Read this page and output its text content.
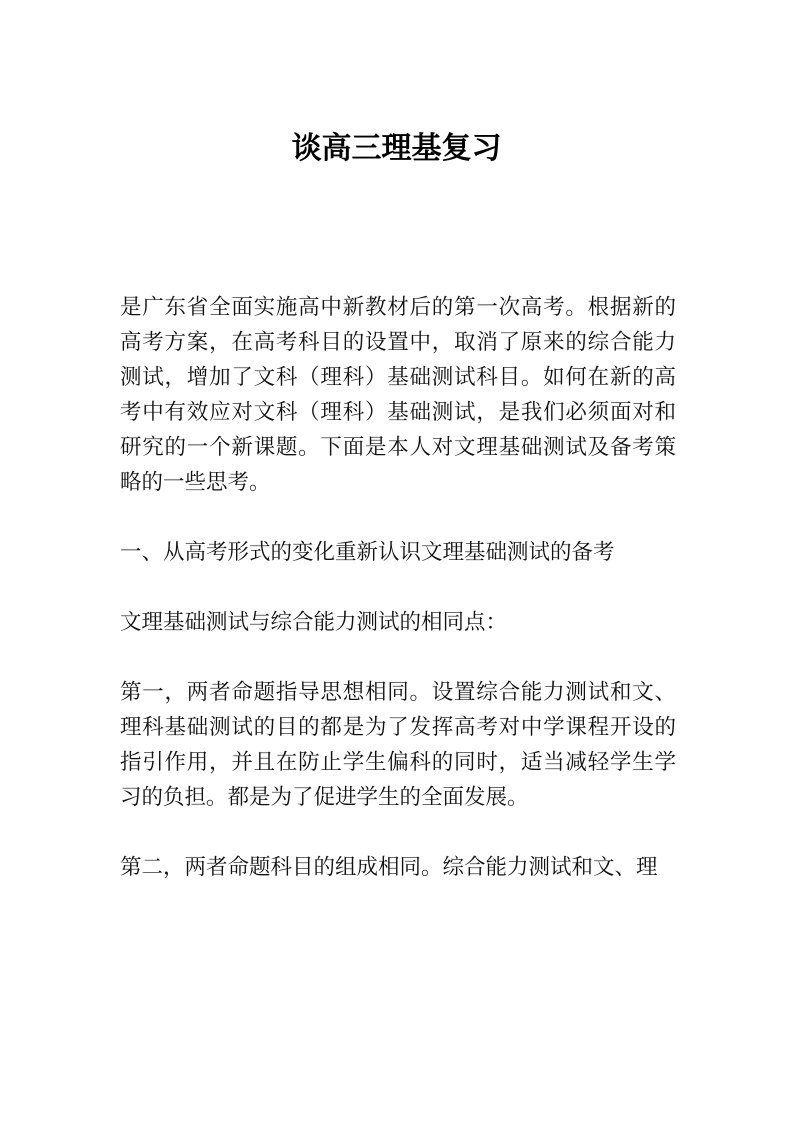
谈高三理基复习

是广东省全面实施高中新教材后的第一次高考。根据新的高考方案，在高考科目的设置中，取消了原来的综合能力测试，增加了文科（理科）基础测试科目。如何在新的高考中有效应对文科（理科）基础测试，是我们必须面对和研究的一个新课题。下面是本人对文理基础测试及备考策略的一些思考。

一、从高考形式的变化重新认识文理基础测试的备考

文理基础测试与综合能力测试的相同点：

第一，两者命题指导思想相同。设置综合能力测试和文、理科基础测试的目的都是为了发挥高考对中学课程开设的指引作用，并且在防止学生偏科的同时，适当减轻学生学习的负担。都是为了促进学生的全面发展。

第二，两者命题科目的组成相同。综合能力测试和文、理
